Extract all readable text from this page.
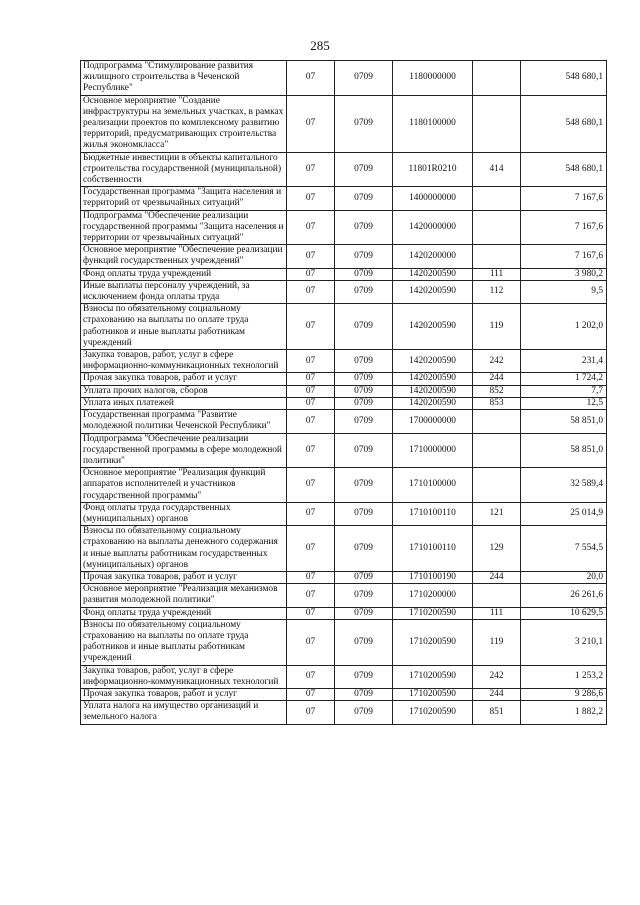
285
Подпрограмма "Стимулирование развития жилищного строительства в Чеченской Республике"	07	0709	1180000000		548 680,1
Основное мероприятие "Создание инфраструктуры на земельных участках, в рамках реализации проектов по комплексному развитию территорий, предусматривающих строительства жилья экономкласса"	07	0709	1180100000		548 680,1
Бюджетные инвестиции в объекты капитального строительства государственной (муниципальной) собственности	07	0709	11801R0210	414	548 680,1
Государственная программа "Защита населения и территорий от чрезвычайных ситуаций"	07	0709	1400000000		7 167,6
Подпрограмма "Обеспечение реализации государственной программы "Защита населения и территории от чрезвычайных ситуаций"	07	0709	1420000000		7 167,6
Основное мероприятие "Обеспечение реализации функций государственных учреждений"	07	0709	1420200000		7 167,6
Фонд оплаты труда учреждений	07	0709	1420200590	111	3 980,2
Иные выплаты персоналу учреждений, за исключением фонда оплаты труда	07	0709	1420200590	112	9,5
Взносы по обязательному социальному страхованию на выплаты по оплате труда работников и иные выплаты работникам учреждений	07	0709	1420200590	119	1 202,0
Закупка товаров, работ, услуг в сфере информационно-коммуникационных технологий	07	0709	1420200590	242	231,4
Прочая закупка товаров, работ и услуг	07	0709	1420200590	244	1 724,2
Уплата прочих налогов, сборов	07	0709	1420200590	852	7,7
Уплата иных платежей	07	0709	1420200590	853	12,5
Государственная программа "Развитие молодежной политики Чеченской Республики"	07	0709	1700000000		58 851,0
Подпрограмма "Обеспечение реализации государственной программы в сфере молодежной политики"	07	0709	1710000000		58 851,0
Основное мероприятие "Реализация функций аппаратов исполнителей и участников государственной программы"	07	0709	1710100000		32 589,4
Фонд оплаты труда государственных (муниципальных) органов	07	0709	1710100110	121	25 014,9
Взносы по обязательному социальному страхованию на выплаты денежного содержания и иные выплаты работникам государственных (муниципальных) органов	07	0709	1710100110	129	7 554,5
Прочая закупка товаров, работ и услуг	07	0709	1710100190	244	20,0
Основное мероприятие "Реализация механизмов развития молодежной политики"	07	0709	1710200000		26 261,6
Фонд оплаты труда учреждений	07	0709	1710200590	111	10 629,5
Взносы по обязательному социальному страхованию на выплаты по оплате труда работников и иные выплаты работникам учреждений	07	0709	1710200590	119	3 210,1
Закупка товаров, работ, услуг в сфере информационно-коммуникационных технологий	07	0709	1710200590	242	1 253,2
Прочая закупка товаров, работ и услуг	07	0709	1710200590	244	9 286,6
Уплата налога на имущество организаций и земельного налога	07	0709	1710200590	851	1 882,2
